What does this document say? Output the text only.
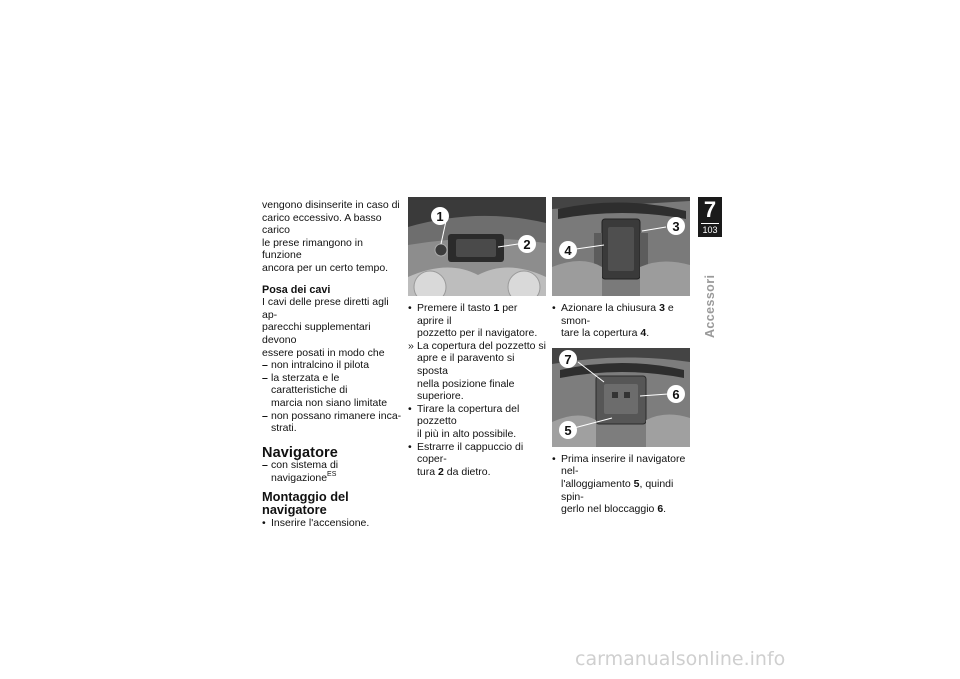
vengono disinserite in caso di
carico eccessivo. A basso carico
le prese rimangono in funzione
ancora per un certo tempo.

Posa dei cavi

I cavi delle prese diretti agli ap-
parecchi supplementari devono
essere posati in modo che

– non intralcino il pilota
– la sterzata e le caratteristiche di
marcia non siano limitate
– non possano rimanere inca-
strati.

Navigatore

– con sistema di navigazione$^{ES}$

Montaggio del navigatore

• Inserire l'accensione.
1
2
• Premere il tasto 1 per aprire il
pozzetto per il navigatore.
» La copertura del pozzetto si
apre e il paravento si sposta
nella posizione finale superiore.
• Tirare la copertura del pozzetto
il più in alto possibile.
• Estrarre il cappuccio di coper-
tura 2 da dietro.
3
4
• Azionare la chiusura 3 e smon-
tare la copertura 4.
7
6
5
• Prima inserire il navigatore nel-
l'alloggiamento 5, quindi spin-
gerlo nel bloccaggio 6.
7
103
Accessori
carmanualsonline.info
